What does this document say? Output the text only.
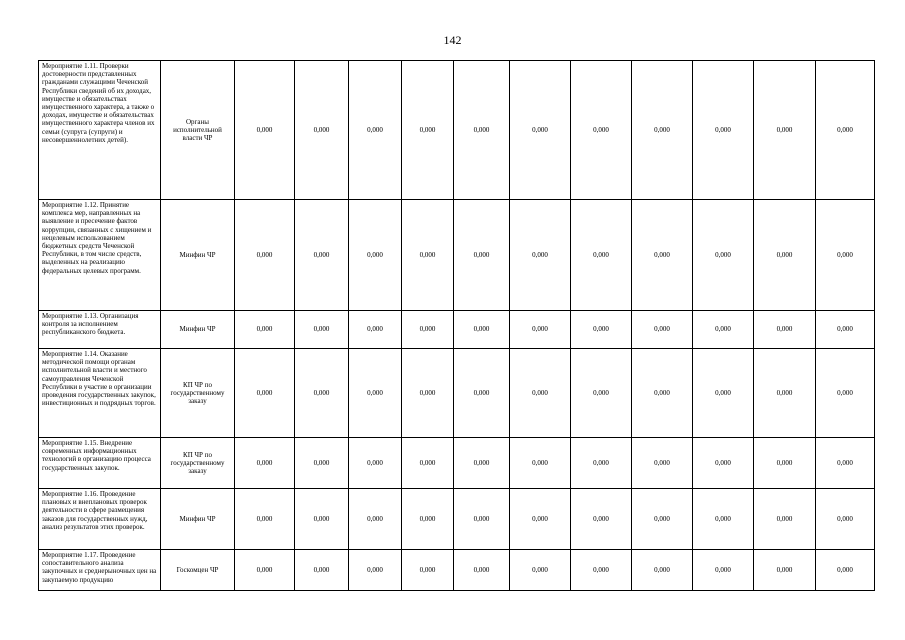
142
Мероприятие 1.11. Проверки достоверности представленных гражданами служащими Чеченской Республики сведений об их доходах, имуществе и обязательствах имущественного характера, а также о доходах, имуществе и обязательствах имущественного характера членов их семьи (супруга (супруги) и несовершеннолетних детей).	Органы исполнительной власти ЧР	0,000	0,000	0,000	0,000	0,000	0,000	0,000	0,000	0,000	0,000	0,000
Мероприятие 1.12. Принятие комплекса мер, направленных на выявление и пресечение фактов коррупции, связанных с хищением и нецелевым использованием бюджетных средств Чеченской Республики, в том числе средств, выделенных на реализацию федеральных целевых программ.	Минфин ЧР	0,000	0,000	0,000	0,000	0,000	0,000	0,000	0,000	0,000	0,000	0,000
Мероприятие 1.13. Организация контроля за исполнением республиканского бюджета.	Минфин ЧР	0,000	0,000	0,000	0,000	0,000	0,000	0,000	0,000	0,000	0,000	0,000
Мероприятие 1.14. Оказание методической помощи органам исполнительной власти и местного самоуправления Чеченской Республики в участие в организации проведения государственных закупок, инвестиционных и подрядных торгов.	КП ЧР по государственному заказу	0,000	0,000	0,000	0,000	0,000	0,000	0,000	0,000	0,000	0,000	0,000
Мероприятие 1.15. Внедрение современных информационных технологий в организацию процесса государственных закупок.	КП ЧР по государственному заказу	0,000	0,000	0,000	0,000	0,000	0,000	0,000	0,000	0,000	0,000	0,000
Мероприятие 1.16. Проведение плановых и внеплановых проверок деятельности в сфере размещения заказов для государственных нужд, анализ результатов этих проверок.	Минфин ЧР	0,000	0,000	0,000	0,000	0,000	0,000	0,000	0,000	0,000	0,000	0,000
Мероприятие 1.17. Проведение сопоставительного анализа закупочных и среднерыночных цен на закупаемую продукцию	Госкомцен ЧР	0,000	0,000	0,000	0,000	0,000	0,000	0,000	0,000	0,000	0,000	0,000
